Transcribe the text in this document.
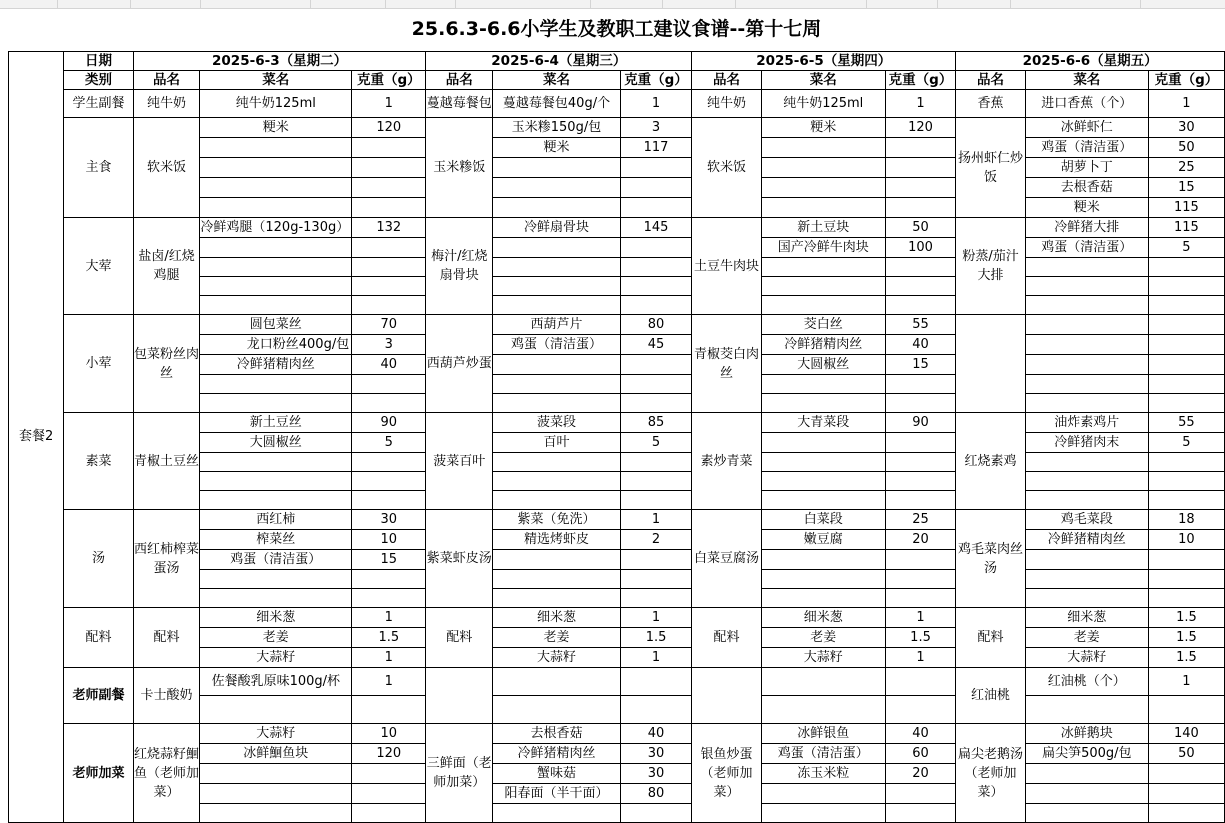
25.6.3-6.6小学生及教职工建议食谱--第十七周
套餐2	日期	2025-6-3（星期二）			2025-6-4（星期三）			2025-6-5（星期四）			2025-6-6（星期五）		
	类别	品名	菜名	克重（g）	品名	菜名	克重（g）	品名	菜名	克重（g）	品名	菜名	克重（g）
	学生副餐	纯牛奶	纯牛奶125ml	1	蔓越莓餐包	蔓越莓餐包40g/个	1	纯牛奶	纯牛奶125ml	1	香蕉	进口香蕉（个）	1
	主食	软米饭	粳米	120	玉米糁饭	玉米糁150g/包	3	软米饭	粳米	120	扬州虾仁炒饭	冰鲜虾仁	30
						粳米	117					鸡蛋（清洁蛋）	50
												胡萝卜丁	25
												去根香菇	15
												粳米	115
	大荤	盐卤/红烧鸡腿	冷鲜鸡腿（120g-130g）	132	梅汁/红烧扇骨块	冷鲜扇骨块	145	土豆牛肉块	新土豆块	50	粉蒸/茄汁大排	冷鲜猪大排	115
									国产冷鲜牛肉块	100		鸡蛋（清洁蛋）	5

	小荤	包菜粉丝肉丝	圆包菜丝	70	西葫芦炒蛋	西葫芦片	80	青椒茭白肉丝	茭白丝	55			
			龙口粉丝400g/包	3		鸡蛋（清洁蛋）	45		冷鲜猪精肉丝	40			
			冷鲜猪精肉丝	40					大圆椒丝	15			

	素菜	青椒土豆丝	新土豆丝	90	菠菜百叶	菠菜段	85	素炒青菜	大青菜段	90	红烧素鸡	油炸素鸡片	55
			大圆椒丝	5		百叶	5					冷鲜猪肉末	5

	汤	西红柿榨菜蛋汤	西红柿	30	紫菜虾皮汤	紫菜（免洗）	1	白菜豆腐汤	白菜段	25	鸡毛菜肉丝汤	鸡毛菜段	18
			榨菜丝	10		精选烤虾皮	2		嫩豆腐	20		冷鲜猪精肉丝	10
			鸡蛋（清洁蛋）	15									

	配料	配料	细米葱	1	配料	细米葱	1	配料	细米葱	1	配料	细米葱	1.5
			老姜	1.5		老姜	1.5		老姜	1.5		老姜	1.5
			大蒜籽	1		大蒜籽	1		大蒜籽	1		大蒜籽	1.5
	老师副餐	卡士酸奶	佐餐酸乳原味100g/杯	1							红油桃	红油桃（个）	1

	老师加菜	红烧蒜籽鮰鱼（老师加菜）	大蒜籽	10	三鲜面（老师加菜）	去根香菇	40	银鱼炒蛋（老师加菜）	冰鲜银鱼	40	扁尖老鹅汤（老师加菜）	冰鲜鹅块	140
			冰鲜鮰鱼块	120		冷鲜猪精肉丝	30		鸡蛋（清洁蛋）	60		扁尖笋500g/包	50
						蟹味菇	30		冻玉米粒	20			
						阳春面（半干面）	80						
